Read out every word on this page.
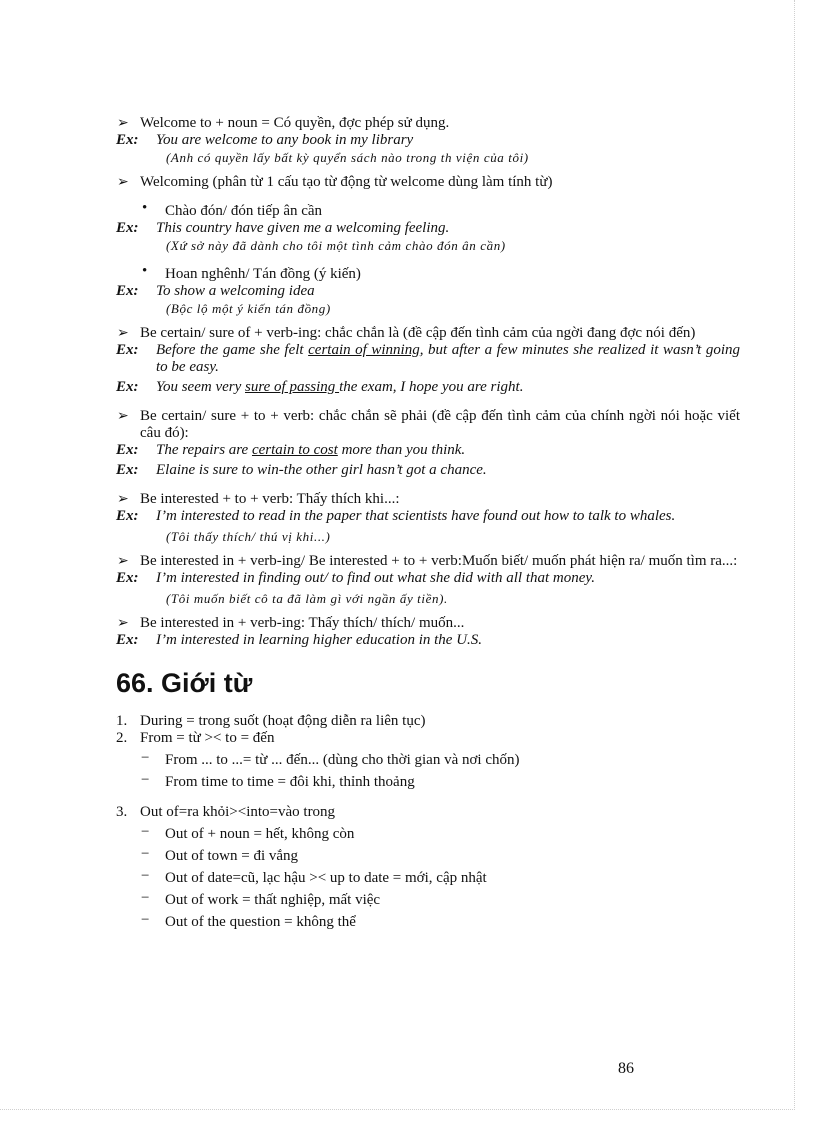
➢ Welcome to + noun = Có quyền, đợc phép sử dụng.
Ex: You are welcome to any book in my library
(Anh có quyền lấy bất kỳ quyển sách nào trong th viện của tôi)
➢ Welcoming (phân từ 1 cấu tạo từ động từ welcome dùng làm tính từ)
• Chào đón/ đón tiếp ân cần
Ex: This country have given me a welcoming feeling.
(Xứ sở này đã dành cho tôi một tình cảm chào đón ân cần)
• Hoan nghênh/ Tán đồng (ý kiến)
Ex: To show a welcoming idea
(Bộc lộ một ý kiến tán đồng)
➢ Be certain/ sure of + verb-ing: chắc chắn là (đề cập đến tình cảm của ngời đang đợc nói đến)
Ex: Before the game she felt certain of winning, but after a few minutes she realized it wasn’t going to be easy.
Ex: You seem very sure of passing the exam, I hope you are right.
➢ Be certain/ sure + to + verb: chắc chắn sẽ phải (đề cập đến tình cảm của chính ngời nói hoặc viết câu đó):
Ex: The repairs are certain to cost more than you think.
Ex: Elaine is sure to win-the other girl hasn’t got a chance.
➢ Be interested + to + verb: Thấy thích khi...:
Ex: I’m interested to read in the paper that scientists have found out how to talk to whales.
(Tôi thấy thích/ thú vị khi...)
➢ Be interested in + verb-ing/ Be interested + to + verb:Muốn biết/ muốn phát hiện ra/ muốn tìm ra...:
Ex: I’m interested in finding out/ to find out what she did with all that money.
(Tôi muốn biết cô ta đã làm gì với ngần ấy tiền).
➢ Be interested in + verb-ing: Thấy thích/ thích/ muốn...
Ex: I’m interested in learning higher education in the U.S.
66. Giới từ
1. During = trong suốt (hoạt động diễn ra liên tục)
2. From = từ >< to = đến
− From ... to ...= từ ... đến... (dùng cho thời gian và nơi chốn)
− From time to time = đôi khi, thỉnh thoảng
3. Out of=ra khỏi><into=vào trong
− Out of + noun = hết, không còn
− Out of town = đi vắng
− Out of date=cũ, lạc hậu >< up to date = mới, cập nhật
− Out of work = thất nghiệp, mất việc
− Out of the question = không thể
86
